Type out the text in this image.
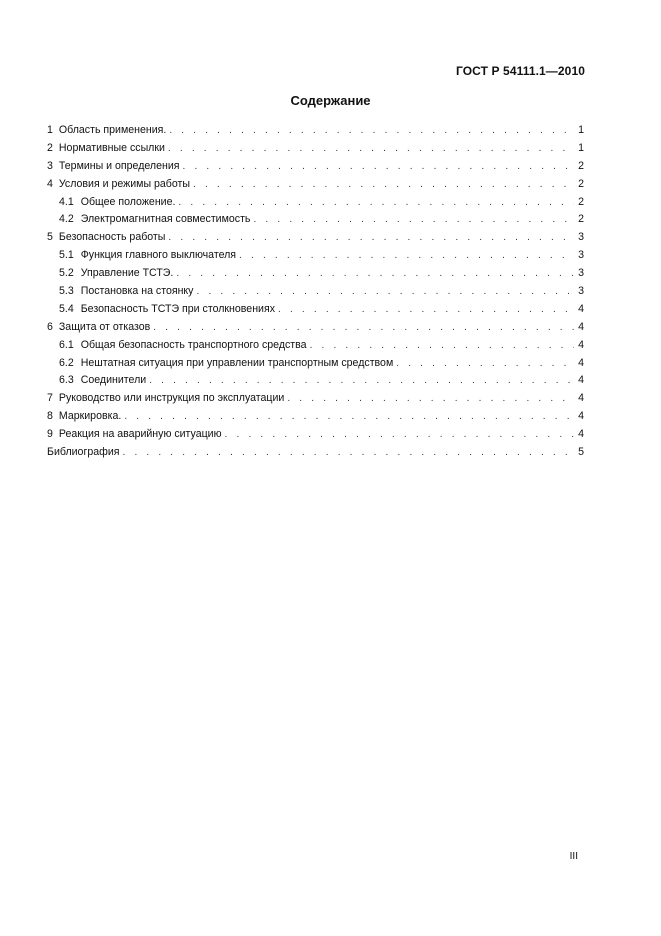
ГОСТ Р 54111.1—2010
Содержание
1 Область применения. . . .	1
2 Нормативные ссылки . . .	1
3 Термины и определения . . .	2
4 Условия и режимы работы . . .	2
4.1 Общее положение. . . .	2
4.2 Электромагнитная совместимость . . .	2
5 Безопасность работы . . .	3
5.1 Функция главного выключателя . . .	3
5.2 Управление ТСТЭ. . . .	3
5.3 Постановка на стоянку . . .	3
5.4 Безопасность ТСТЭ при столкновениях . . .	4
6 Защита от отказов . . .	4
6.1 Общая безопасность транспортного средства . . .	4
6.2 Нештатная ситуация при управлении транспортным средством . . .	4
6.3 Соединители . . .	4
7 Руководство или инструкция по эксплуатации . . .	4
8 Маркировка. . . .	4
9 Реакция на аварийную ситуацию . . .	4
Библиография . . .	5
III
